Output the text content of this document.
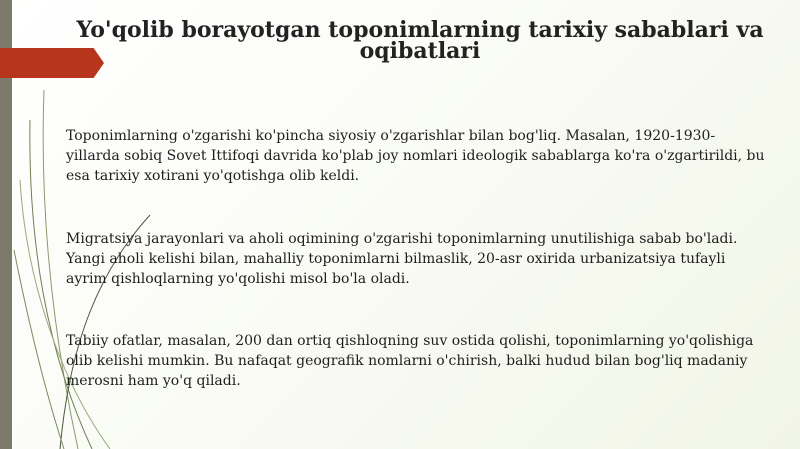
Yo'qolib borayotgan toponimlarning tarixiy sabablari va oqibatlari

Toponimlarning o'zgarishi ko'pincha siyosiy o'zgarishlar bilan bog'liq. Masalan, 1920-1930-yillarda sobiq Sovet Ittifoqi davrida ko'plab joy nomlari ideologik sabablarga ko'ra o'zgartirildi, bu esa tarixiy xotirani yo'qotishga olib keldi.

Migratsiya jarayonlari va aholi oqimining o'zgarishi toponimlarning unutilishiga sabab bo'ladi. Yangi aholi kelishi bilan, mahalliy toponimlarni bilmaslik, 20-asr oxirida urbanizatsiya tufayli ayrim qishloqlarning yo'qolishi misol bo'la oladi.

Tabiiy ofatlar, masalan, 200 dan ortiq qishloqning suv ostida qolishi, toponimlarning yo'qolishiga olib kelishi mumkin. Bu nafaqat geografik nomlarni o'chirish, balki hudud bilan bog'liq madaniy merosni ham yo'q qiladi.
